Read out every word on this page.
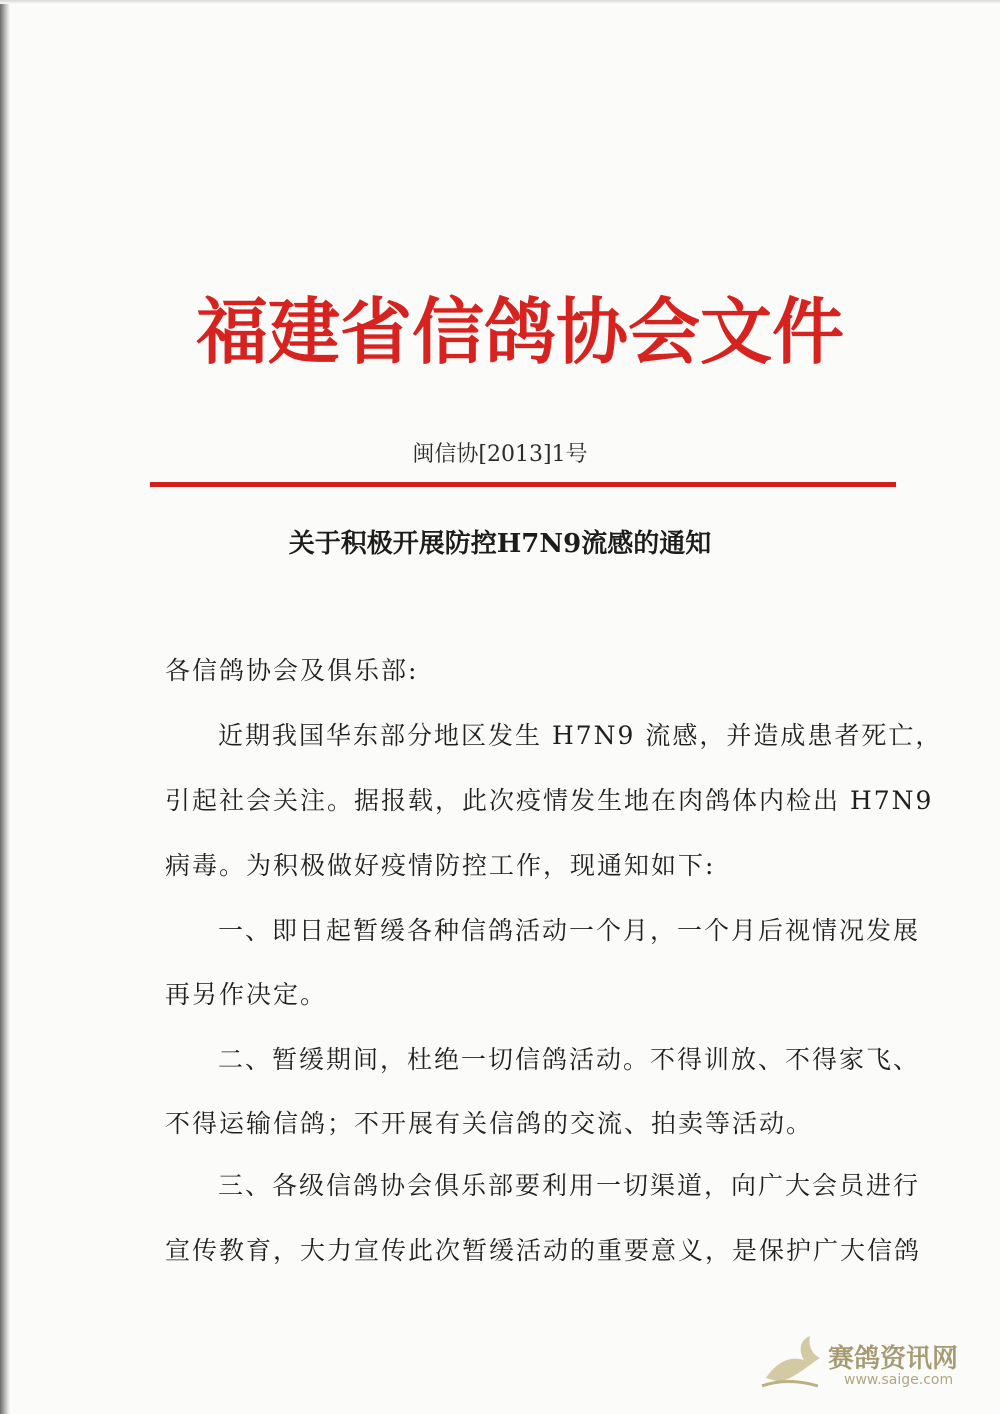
福建省信鸽协会文件
闽信协[2013]1号
关于积极开展防控H7N9流感的通知
各信鸽协会及俱乐部:
近期我国华东部分地区发生 H7N9 流感，并造成患者死亡，
引起社会关注。据报载，此次疫情发生地在肉鸽体内检出 H7N9
病毒。为积极做好疫情防控工作，现通知如下:
一、即日起暂缓各种信鸽活动一个月，一个月后视情况发展
再另作决定。
二、暂缓期间，杜绝一切信鸽活动。不得训放、不得家飞、
不得运输信鸽；不开展有关信鸽的交流、拍卖等活动。
三、各级信鸽协会俱乐部要利用一切渠道，向广大会员进行
宣传教育，大力宣传此次暂缓活动的重要意义，是保护广大信鸽
赛鸽资讯网
www.saige.com
